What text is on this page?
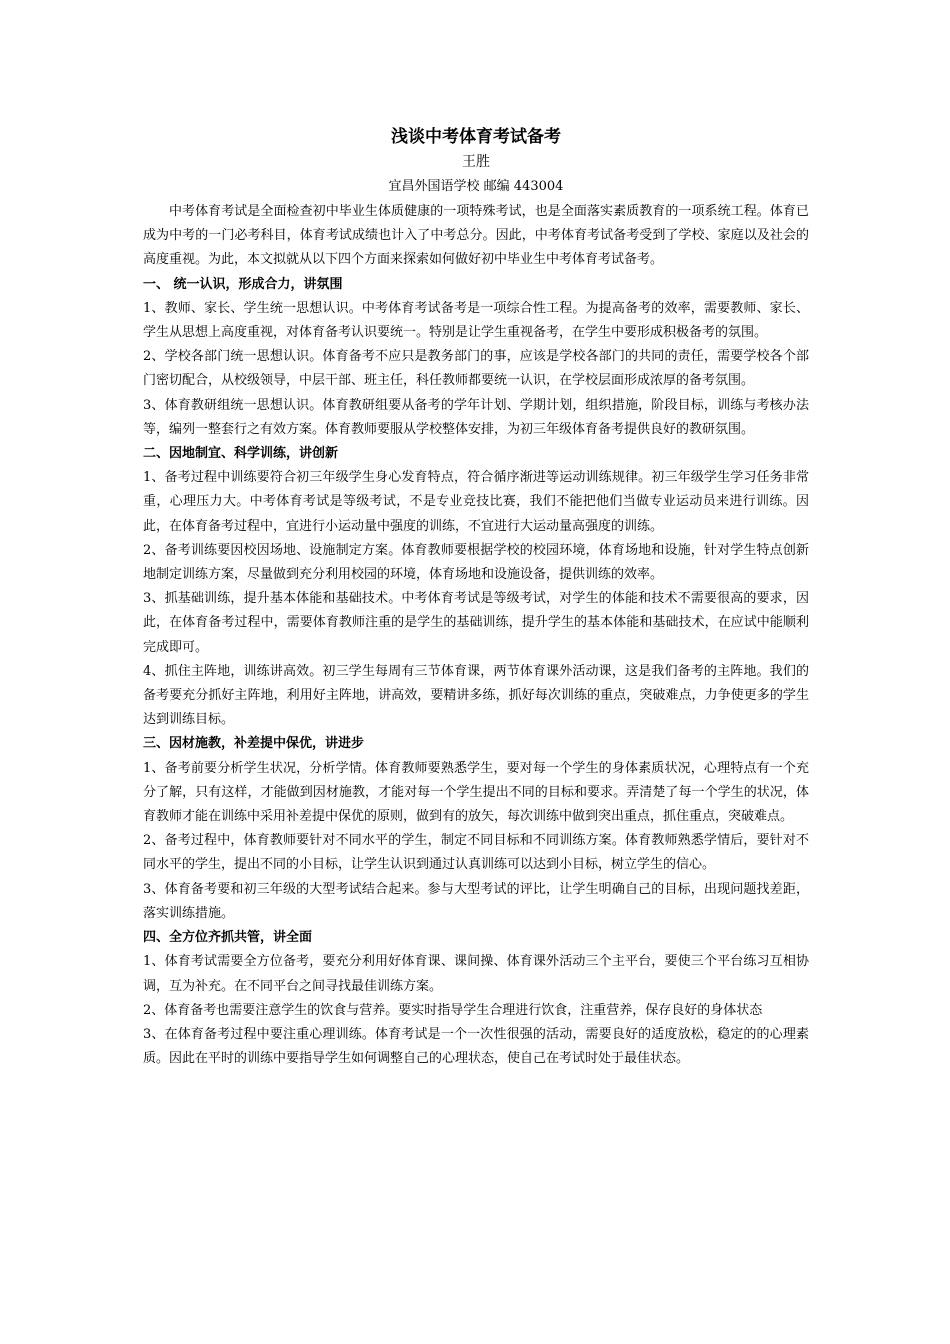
浅谈中考体育考试备考

王胜

宜昌外国语学校 邮编 443004

中考体育考试是全面检查初中毕业生体质健康的一项特殊考试，也是全面落实素质教育的一项系统工程。体育已成为中考的一门必考科目，体育考试成绩也计入了中考总分。因此，中考体育考试备考受到了学校、家庭以及社会的高度重视。为此，本文拟就从以下四个方面来探索如何做好初中毕业生中考体育考试备考。

一、 统一认识，形成合力，讲氛围

1、教师、家长、学生统一思想认识。中考体育考试备考是一项综合性工程。为提高备考的效率，需要教师、家长、学生从思想上高度重视，对体育备考认识要统一。特别是让学生重视备考，在学生中要形成积极备考的氛围。

2、学校各部门统一思想认识。体育备考不应只是教务部门的事，应该是学校各部门的共同的责任，需要学校各个部门密切配合，从校级领导，中层干部、班主任，科任教师都要统一认识，在学校层面形成浓厚的备考氛围。

3、体育教研组统一思想认识。体育教研组要从备考的学年计划、学期计划，组织措施，阶段目标，训练与考核办法等，编列一整套行之有效方案。体育教师要服从学校整体安排，为初三年级体育备考提供良好的教研氛围。

二、因地制宜、科学训练，讲创新

1、备考过程中训练要符合初三年级学生身心发育特点，符合循序渐进等运动训练规律。初三年级学生学习任务非常重，心理压力大。中考体育考试是等级考试，不是专业竞技比赛，我们不能把他们当做专业运动员来进行训练。因此，在体育备考过程中，宜进行小运动量中强度的训练，不宜进行大运动量高强度的训练。

2、备考训练要因校因场地、设施制定方案。体育教师要根据学校的校园环境，体育场地和设施，针对学生特点创新地制定训练方案，尽量做到充分利用校园的环境，体育场地和设施设备，提供训练的效率。

3、抓基础训练，提升基本体能和基础技术。中考体育考试是等级考试，对学生的体能和技术不需要很高的要求，因此，在体育备考过程中，需要体育教师注重的是学生的基础训练，提升学生的基本体能和基础技术，在应试中能顺利完成即可。

4、抓住主阵地，训练讲高效。初三学生每周有三节体育课，两节体育课外活动课，这是我们备考的主阵地。我们的备考要充分抓好主阵地，利用好主阵地，讲高效，要精讲多练，抓好每次训练的重点，突破难点，力争使更多的学生达到训练目标。

三、因材施教，补差提中保优，讲进步

1、备考前要分析学生状况，分析学情。体育教师要熟悉学生，要对每一个学生的身体素质状况，心理特点有一个充分了解，只有这样，才能做到因材施教，才能对每一个学生提出不同的目标和要求。弄清楚了每一个学生的状况，体育教师才能在训练中采用补差提中保优的原则，做到有的放矢，每次训练中做到突出重点，抓住重点，突破难点。

2、备考过程中，体育教师要针对不同水平的学生，制定不同目标和不同训练方案。体育教师熟悉学情后，要针对不同水平的学生，提出不同的小目标，让学生认识到通过认真训练可以达到小目标，树立学生的信心。

3、体育备考要和初三年级的大型考试结合起来。参与大型考试的评比，让学生明确自己的目标，出现问题找差距，落实训练措施。

四、全方位齐抓共管，讲全面

1、体育考试需要全方位备考，要充分利用好体育课、课间操、体育课外活动三个主平台，要使三个平台练习互相协调，互为补充。在不同平台之间寻找最佳训练方案。

2、体育备考也需要注意学生的饮食与营养。要实时指导学生合理进行饮食，注重营养，保存良好的身体状态

3、在体育备考过程中要注重心理训练。体育考试是一个一次性很强的活动，需要良好的适度放松，稳定的的心理素质。因此在平时的训练中要指导学生如何调整自己的心理状态，使自己在考试时处于最佳状态。
